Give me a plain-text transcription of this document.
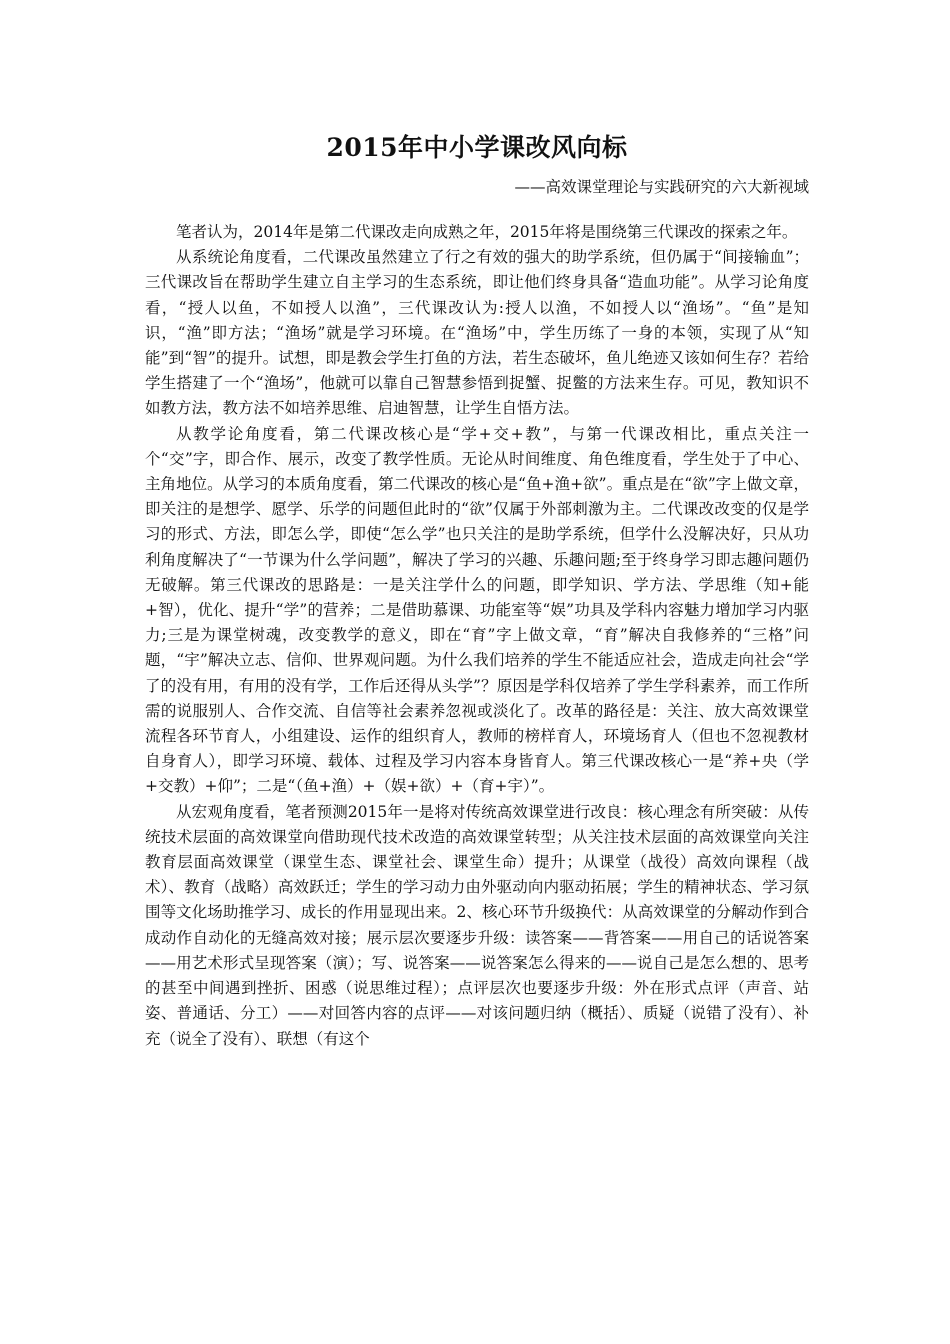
2015年中小学课改风向标

——高效课堂理论与实践研究的六大新视域

笔者认为，2014年是第二代课改走向成熟之年，2015年将是围绕第三代课改的探索之年。

从系统论角度看，二代课改虽然建立了行之有效的强大的助学系统，但仍属于“间接输血”；三代课改旨在帮助学生建立自主学习的生态系统，即让他们终身具备“造血功能”。从学习论角度看，“授人以鱼，不如授人以渔”，三代课改认为:授人以渔，不如授人以“渔场”。“鱼”是知识，“渔”即方法；“渔场”就是学习环境。在“渔场”中，学生历练了一身的本领，实现了从“知能”到“智”的提升。试想，即是教会学生打鱼的方法，若生态破坏，鱼儿绝迹又该如何生存？若给学生搭建了一个“渔场”，他就可以靠自己智慧参悟到捉蟹、捉鳖的方法来生存。可见，教知识不如教方法，教方法不如培养思维、启迪智慧，让学生自悟方法。

从教学论角度看，第二代课改核心是“学+交+教”，与第一代课改相比，重点关注一个“交”字，即合作、展示，改变了教学性质。无论从时间维度、角色维度看，学生处于了中心、主角地位。从学习的本质角度看，第二代课改的核心是“鱼+渔+欲”。重点是在“欲”字上做文章，即关注的是想学、愿学、乐学的问题但此时的“欲”仅属于外部刺激为主。二代课改改变的仅是学习的形式、方法，即怎么学，即使“怎么学”也只关注的是助学系统，但学什么没解决好，只从功利角度解决了“一节课为什么学问题”，解决了学习的兴趣、乐趣问题;至于终身学习即志趣问题仍无破解。第三代课改的思路是：一是关注学什么的问题，即学知识、学方法、学思维（知+能+智），优化、提升“学”的营养；二是借助慕课、功能室等“娱”功具及学科内容魅力增加学习内驱力;三是为课堂树魂，改变教学的意义，即在“育”字上做文章，“育”解决自我修养的“三格”问题，“宇”解决立志、信仰、世界观问题。为什么我们培养的学生不能适应社会，造成走向社会“学了的没有用，有用的没有学，工作后还得从头学”？原因是学科仅培养了学生学科素养，而工作所需的说服别人、合作交流、自信等社会素养忽视或淡化了。改革的路径是：关注、放大高效课堂流程各环节育人，小组建设、运作的组织育人，教师的榜样育人，环境场育人（但也不忽视教材自身育人），即学习环境、载体、过程及学习内容本身皆育人。第三代课改核心一是“养+央（学+交教）+仰”；二是“（鱼+渔）+（娱+欲）+（育+宇）”。

从宏观角度看，笔者预测2015年一是将对传统高效课堂进行改良：核心理念有所突破：从传统技术层面的高效课堂向借助现代技术改造的高效课堂转型；从关注技术层面的高效课堂向关注教育层面高效课堂（课堂生态、课堂社会、课堂生命）提升；从课堂（战役）高效向课程（战术）、教育（战略）高效跃迁；学生的学习动力由外驱动向内驱动拓展；学生的精神状态、学习氛围等文化场助推学习、成长的作用显现出来。2、核心环节升级换代：从高效课堂的分解动作到合成动作自动化的无缝高效对接；展示层次要逐步升级：读答案——背答案——用自己的话说答案——用艺术形式呈现答案（演）；写、说答案——说答案怎么得来的——说自己是怎么想的、思考的甚至中间遇到挫折、困惑（说思维过程）；点评层次也要逐步升级：外在形式点评（声音、站姿、普通话、分工）——对回答内容的点评——对该问题归纳（概括）、质疑（说错了没有）、补充（说全了没有）、联想（有这个
